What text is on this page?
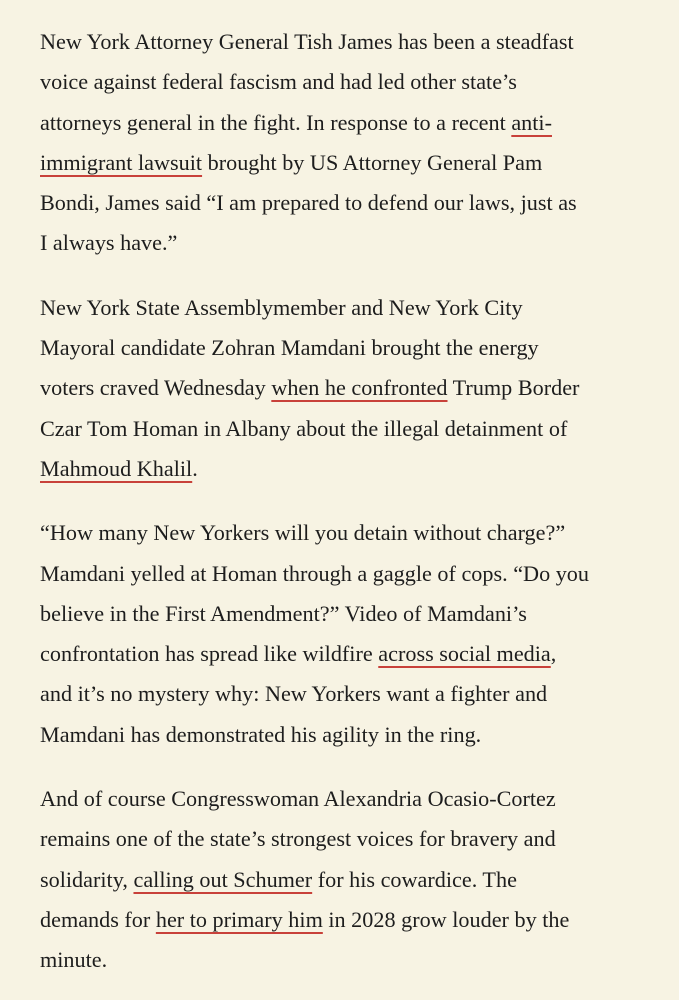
New York Attorney General Tish James has been a steadfast
voice against federal fascism and had led other state’s
attorneys general in the fight. In response to a recent anti-
immigrant lawsuit brought by US Attorney General Pam
Bondi, James said “I am prepared to defend our laws, just as
I always have.”

New York State Assemblymember and New York City
Mayoral candidate Zohran Mamdani brought the energy
voters craved Wednesday when he confronted Trump Border
Czar Tom Homan in Albany about the illegal detainment of
Mahmoud Khalil.

“How many New Yorkers will you detain without charge?”
Mamdani yelled at Homan through a gaggle of cops. “Do you
believe in the First Amendment?” Video of Mamdani’s
confrontation has spread like wildfire across social media,
and it’s no mystery why: New Yorkers want a fighter and
Mamdani has demonstrated his agility in the ring.

And of course Congresswoman Alexandria Ocasio-Cortez
remains one of the state’s strongest voices for bravery and
solidarity, calling out Schumer for his cowardice. The
demands for her to primary him in 2028 grow louder by the
minute.
